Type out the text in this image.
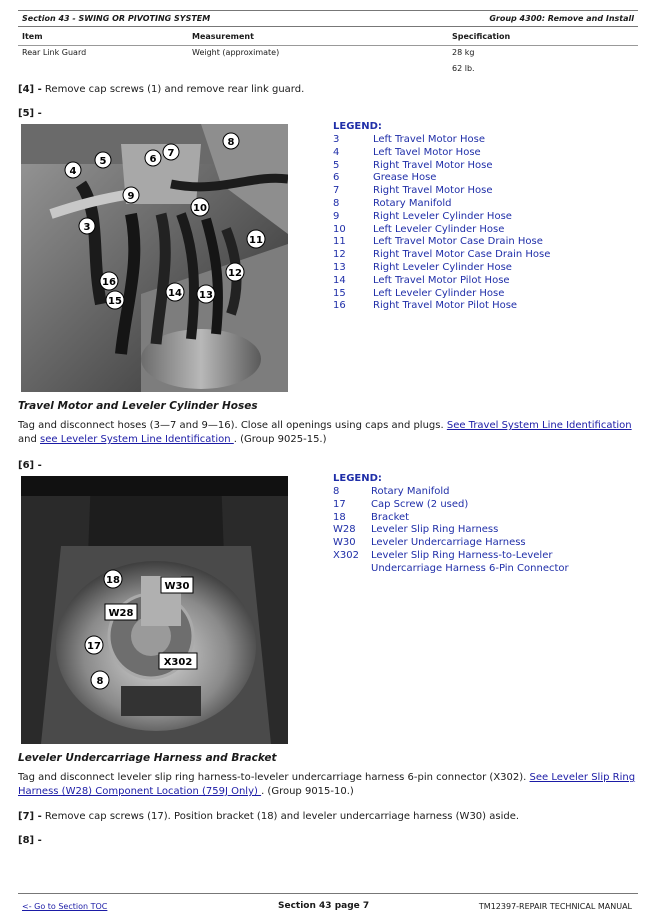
Section 43 - SWING OR PIVOTING SYSTEM	Group 4300: Remove and Install
Item	Measurement	Specification
Rear Link Guard	Weight (approximate)	28 kg
62 lb.
[4] - Remove cap screws (1) and remove rear link guard.
[5] -
8
7
6
5
4
9
10
3
11
12
16
14 13
15
LEGEND:
3	Left Travel Motor Hose
4	Left Tavel Motor Hose
5	Right Travel Motor Hose
6	Grease Hose
7	Right Travel Motor Hose
8	Rotary Manifold
9	Right Leveler Cylinder Hose
10	Left Leveler Cylinder Hose
11	Left Travel Motor Case Drain Hose
12	Right Travel Motor Case Drain Hose
13	Right Leveler Cylinder Hose
14	Left Travel Motor Pilot Hose
15	Left Leveler Cylinder Hose
16	Right Travel Motor Pilot Hose
Travel Motor and Leveler Cylinder Hoses
Tag and disconnect hoses (3—7 and 9—16). Close all openings using caps and plugs. See Travel System Line Identification and see Leveler System Line Identification . (Group 9025-15.)
[6] -
18
W30
W28
17
X302
8
LEGEND:
8	Rotary Manifold
17	Cap Screw (2 used)
18	Bracket
W28 Leveler Slip Ring Harness
W30 Leveler Undercarriage Harness
X302 Leveler Slip Ring Harness-to-Leveler Undercarriage Harness 6-Pin Connector
Leveler Undercarriage Harness and Bracket
Tag and disconnect leveler slip ring harness-to-leveler undercarriage harness 6-pin connector (X302). See Leveler Slip Ring Harness (W28) Component Location (759J Only) . (Group 9015-10.)
[7] - Remove cap screws (17). Position bracket (18) and leveler undercarriage harness (W30) aside.
[8] -
<- Go to Section TOC	Section 43 page 7	TM12397-REPAIR TECHNICAL MANUAL
